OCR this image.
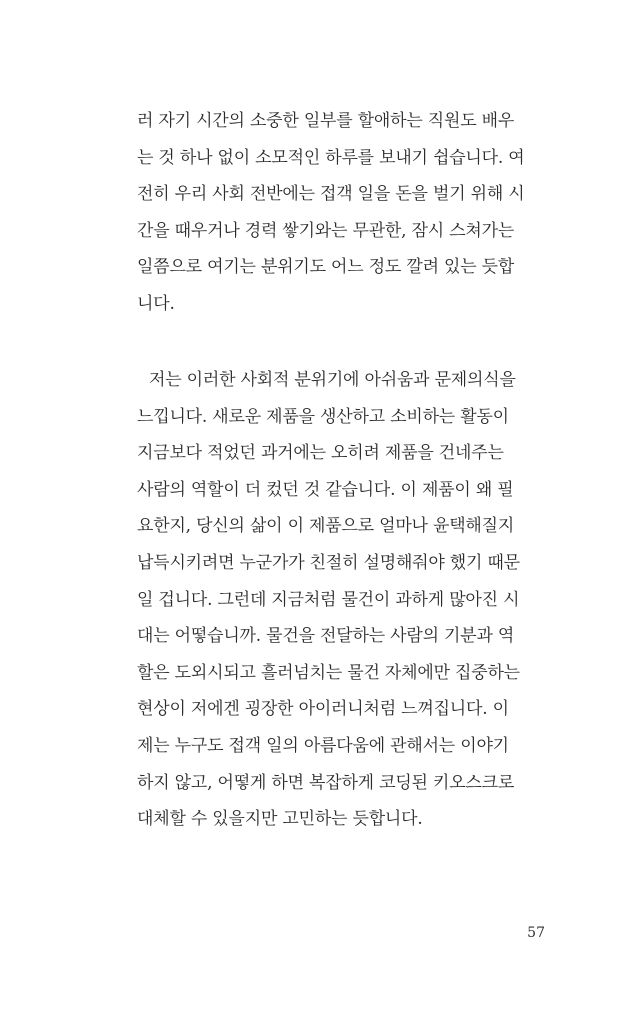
러 자기 시간의 소중한 일부를 할애하는 직원도 배우
는 것 하나 없이 소모적인 하루를 보내기 쉽습니다. 여
전히 우리 사회 전반에는 접객 일을 돈을 벌기 위해 시
간을 때우거나 경력 쌓기와는 무관한, 잠시 스쳐가는
일쯤으로 여기는 분위기도 어느 정도 깔려 있는 듯합
니다.
저는 이러한 사회적 분위기에 아쉬움과 문제의식을
느낍니다. 새로운 제품을 생산하고 소비하는 활동이
지금보다 적었던 과거에는 오히려 제품을 건네주는
사람의 역할이 더 컸던 것 같습니다. 이 제품이 왜 필
요한지, 당신의 삶이 이 제품으로 얼마나 윤택해질지
납득시키려면 누군가가 친절히 설명해줘야 했기 때문
일 겁니다. 그런데 지금처럼 물건이 과하게 많아진 시
대는 어떻습니까. 물건을 전달하는 사람의 기분과 역
할은 도외시되고 흘러넘치는 물건 자체에만 집중하는
현상이 저에겐 굉장한 아이러니처럼 느껴집니다. 이
제는 누구도 접객 일의 아름다움에 관해서는 이야기
하지 않고, 어떻게 하면 복잡하게 코딩된 키오스크로
대체할 수 있을지만 고민하는 듯합니다.
57
